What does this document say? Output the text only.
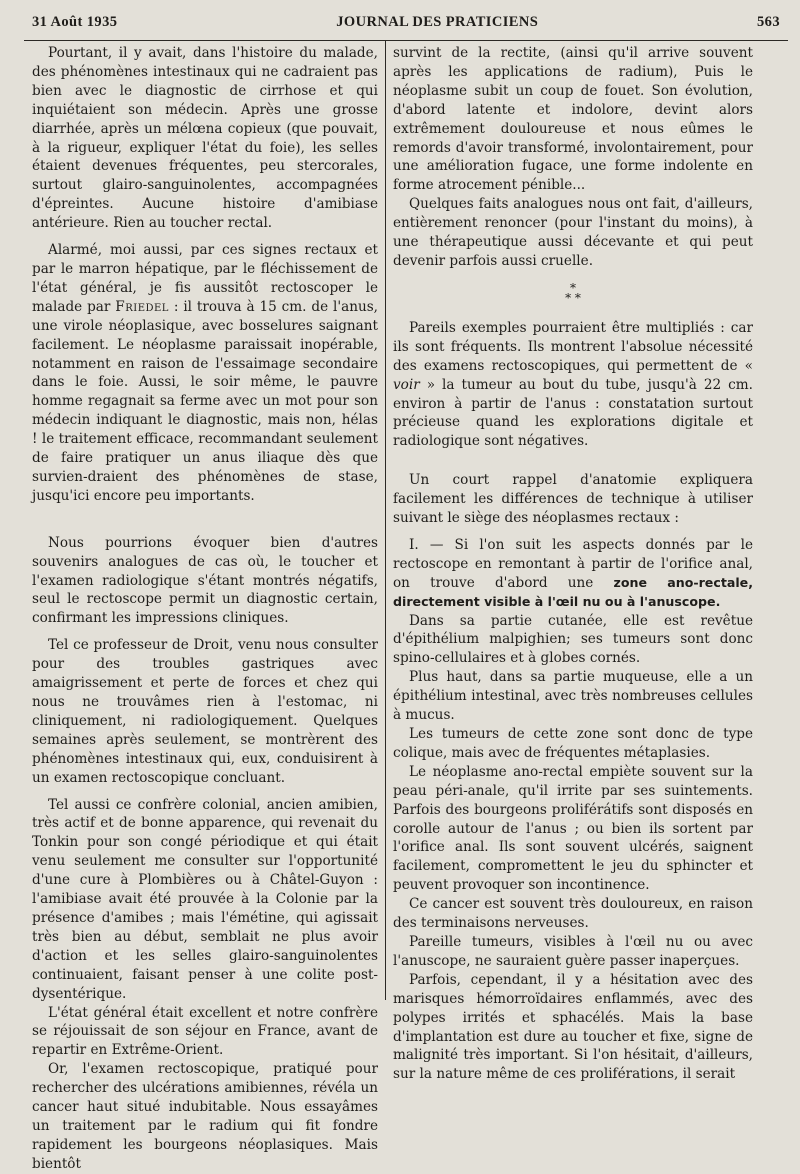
31 Août 1935	JOURNAL DES PRATICIENS	563

Pourtant, il y avait, dans l'histoire du malade, des phénomènes intestinaux qui ne cadraient pas bien avec le diagnostic de cirrhose et qui inquiétaient son médecin. Après une grosse diarrhée, après un mélœna copieux (que pouvait, à la rigueur, expliquer l'état du foie), les selles étaient devenues fréquentes, peu stercorales, surtout glairo-sanguinolentes, accompagnées d'épreintes. Aucune histoire d'amibiase antérieure. Rien au toucher rectal.

Alarmé, moi aussi, par ces signes rectaux et par le marron hépatique, par le fléchissement de l'état général, je fis aussitôt rectoscoper le malade par Friedel : il trouva à 15 cm. de l'anus, une virole néoplasique, avec bosselures saignant facilement. Le néoplasme paraissait inopérable, notamment en raison de l'essaimage secondaire dans le foie. Aussi, le soir même, le pauvre homme regagnait sa ferme avec un mot pour son médecin indiquant le diagnostic, mais non, hélas ! le traitement efficace, recommandant seulement de faire pratiquer un anus iliaque dès que survien-draient des phénomènes de stase, jusqu'ici encore peu importants.

Nous pourrions évoquer bien d'autres souvenirs analogues de cas où, le toucher et l'examen radiologique s'étant montrés négatifs, seul le rectoscope permit un diagnostic certain, confirmant les impressions cliniques.

Tel ce professeur de Droit, venu nous consulter pour des troubles gastriques avec amaigrissement et perte de forces et chez qui nous ne trouvâmes rien à l'estomac, ni cliniquement, ni radiologiquement. Quelques semaines après seulement, se montrèrent des phénomènes intestinaux qui, eux, conduisirent à un examen rectoscopique concluant.

Tel aussi ce confrère colonial, ancien amibien, très actif et de bonne apparence, qui revenait du Tonkin pour son congé périodique et qui était venu seulement me consulter sur l'opportunité d'une cure à Plombières ou à Châtel-Guyon : l'amibiase avait été prouvée à la Colonie par la présence d'amibes ; mais l'émétine, qui agissait très bien au début, semblait ne plus avoir d'action et les selles glairo-sanguinolentes continuaient, faisant penser à une colite post-dysentérique.

L'état général était excellent et notre confrère se réjouissait de son séjour en France, avant de repartir en Extrême-Orient.

Or, l'examen rectoscopique, pratiqué pour rechercher des ulcérations amibiennes, révéla un cancer haut situé indubitable. Nous essayâmes un traitement par le radium qui fit fondre rapidement les bourgeons néoplasiques. Mais bientôt

survint de la rectite, (ainsi qu'il arrive souvent après les applications de radium), Puis le néoplasme subit un coup de fouet. Son évolution, d'abord latente et indolore, devint alors extrêmement douloureuse et nous eûmes le remords d'avoir transformé, involontairement, pour une amélioration fugace, une forme indolente en forme atrocement pénible...

Quelques faits analogues nous ont fait, d'ailleurs, entièrement renoncer (pour l'instant du moins), à une thérapeutique aussi décevante et qui peut devenir parfois aussi cruelle.

*
* *

Pareils exemples pourraient être multipliés : car ils sont fréquents. Ils montrent l'absolue nécessité des examens rectoscopiques, qui permettent de « voir » la tumeur au bout du tube, jusqu'à 22 cm. environ à partir de l'anus : constatation surtout précieuse quand les explorations digitale et radiologique sont négatives.

Un court rappel d'anatomie expliquera facilement les différences de technique à utiliser suivant le siège des néoplasmes rectaux :

I. — Si l'on suit les aspects donnés par le rectoscope en remontant à partir de l'orifice anal, on trouve d'abord une zone ano-rectale, directement visible à l'œil nu ou à l'anuscope.

Dans sa partie cutanée, elle est revêtue d'épithélium malpighien; ses tumeurs sont donc spino-cellulaires et à globes cornés.

Plus haut, dans sa partie muqueuse, elle a un épithélium intestinal, avec très nombreuses cellules à mucus.

Les tumeurs de cette zone sont donc de type colique, mais avec de fréquentes métaplasies.

Le néoplasme ano-rectal empiète souvent sur la peau péri-anale, qu'il irrite par ses suintements. Parfois des bourgeons proliférátifs sont disposés en corolle autour de l'anus ; ou bien ils sortent par l'orifice anal. Ils sont souvent ulcérés, saignent facilement, compromettent le jeu du sphincter et peuvent provoquer son incontinence.

Ce cancer est souvent très douloureux, en raison des terminaisons nerveuses.

Pareille tumeurs, visibles à l'œil nu ou avec l'anuscope, ne sauraient guère passer inaperçues.

Parfois, cependant, il y a hésitation avec des marisques hémorroïdaires enflammés, avec des polypes irrités et sphacélés. Mais la base d'implantation est dure au toucher et fixe, signe de malignité très important. Si l'on hésitait, d'ailleurs, sur la nature même de ces proliférations, il serait
